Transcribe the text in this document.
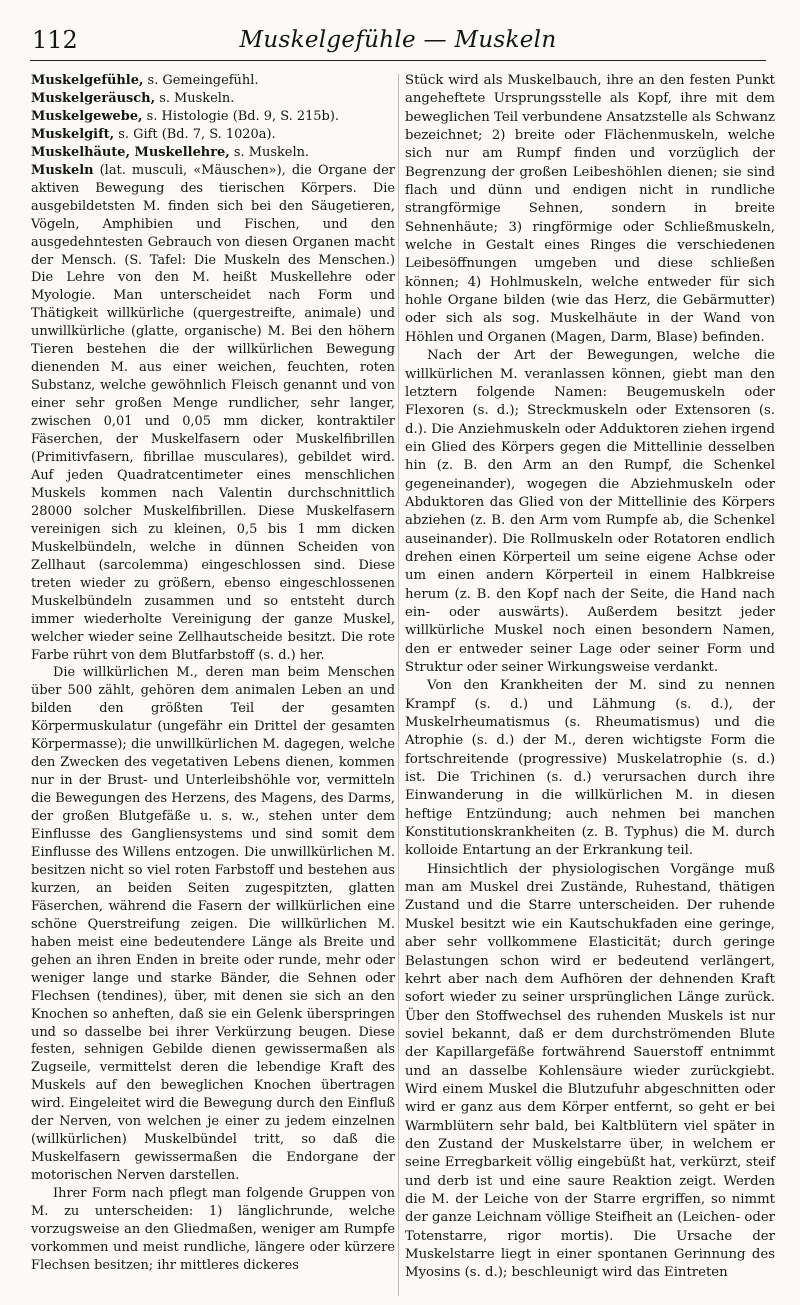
112	Muskelgefühle — Muskeln

Muskelgefühle, s. Gemeingefühl.

Muskelgeräusch, s. Muskeln.

Muskelgewebe, s. Histologie (Bd. 9, S. 215b).

Muskelgift, s. Gift (Bd. 7, S. 1020a).

Muskelhäute, Muskellehre, s. Muskeln.

Muskeln (lat. musculi, «Mäuschen»), die Organe der aktiven Bewegung des tierischen Körpers. Die ausgebildetsten M. finden sich bei den Säugetieren, Vögeln, Amphibien und Fischen, und den ausgedehntesten Gebrauch von diesen Organen macht der Mensch. (S. Tafel: Die Muskeln des Menschen.) Die Lehre von den M. heißt Muskellehre oder Myologie. Man unterscheidet nach Form und Thätigkeit willkürliche (quergestreifte, animale) und unwillkürliche (glatte, organische) M. Bei den höhern Tieren bestehen die der willkürlichen Bewegung dienenden M. aus einer weichen, feuchten, roten Substanz, welche gewöhnlich Fleisch genannt und von einer sehr großen Menge rundlicher, sehr langer, zwischen 0,01 und 0,05 mm dicker, kontraktiler Fäserchen, der Muskelfasern oder Muskelfibrillen (Primitivfasern, fibrillae musculares), gebildet wird. Auf jeden Quadratcentimeter eines menschlichen Muskels kommen nach Valentin durchschnittlich 28000 solcher Muskelfibrillen. Diese Muskelfasern vereinigen sich zu kleinen, 0,5 bis 1 mm dicken Muskelbündeln, welche in dünnen Scheiden von Zellhaut (sarcolemma) eingeschlossen sind. Diese treten wieder zu größern, ebenso eingeschlossenen Muskelbündeln zusammen und so entsteht durch immer wiederholte Vereinigung der ganze Muskel, welcher wieder seine Zellhautscheide besitzt. Die rote Farbe rührt von dem Blutfarbstoff (s. d.) her.

Die willkürlichen M., deren man beim Menschen über 500 zählt, gehören dem animalen Leben an und bilden den größten Teil der gesamten Körpermuskulatur (ungefähr ein Drittel der gesamten Körpermasse); die unwillkürlichen M. dagegen, welche den Zwecken des vegetativen Lebens dienen, kommen nur in der Brust- und Unterleibshöhle vor, vermitteln die Bewegungen des Herzens, des Magens, des Darms, der großen Blutgefäße u. s. w., stehen unter dem Einflusse des Gangliensystems und sind somit dem Einflusse des Willens entzogen. Die unwillkürlichen M. besitzen nicht so viel roten Farbstoff und bestehen aus kurzen, an beiden Seiten zugespitzten, glatten Fäserchen, während die Fasern der willkürlichen eine schöne Querstreifung zeigen. Die willkürlichen M. haben meist eine bedeutendere Länge als Breite und gehen an ihren Enden in breite oder runde, mehr oder weniger lange und starke Bänder, die Sehnen oder Flechsen (tendines), über, mit denen sie sich an den Knochen so anheften, daß sie ein Gelenk überspringen und so dasselbe bei ihrer Verkürzung beugen. Diese festen, sehnigen Gebilde dienen gewissermaßen als Zugseile, vermittelst deren die lebendige Kraft des Muskels auf den beweglichen Knochen übertragen wird. Eingeleitet wird die Bewegung durch den Einfluß der Nerven, von welchen je einer zu jedem einzelnen (willkürlichen) Muskelbündel tritt, so daß die Muskelfasern gewissermaßen die Endorgane der motorischen Nerven darstellen.

Ihrer Form nach pflegt man folgende Gruppen von M. zu unterscheiden: 1) länglichrunde, welche vorzugsweise an den Gliedmaßen, weniger am Rumpfe vorkommen und meist rundliche, längere oder kürzere Flechsen besitzen; ihr mittleres dickeres

Stück wird als Muskelbauch, ihre an den festen Punkt angeheftete Ursprungsstelle als Kopf, ihre mit dem beweglichen Teil verbundene Ansatzstelle als Schwanz bezeichnet; 2) breite oder Flächenmuskeln, welche sich nur am Rumpf finden und vorzüglich der Begrenzung der großen Leibeshöhlen dienen; sie sind flach und dünn und endigen nicht in rundliche strangförmige Sehnen, sondern in breite Sehnenhäute; 3) ringförmige oder Schließmuskeln, welche in Gestalt eines Ringes die verschiedenen Leibesöffnungen umgeben und diese schließen können; 4) Hohlmuskeln, welche entweder für sich hohle Organe bilden (wie das Herz, die Gebärmutter) oder sich als sog. Muskelhäute in der Wand von Höhlen und Organen (Magen, Darm, Blase) befinden.

Nach der Art der Bewegungen, welche die willkürlichen M. veranlassen können, giebt man den letztern folgende Namen: Beugemuskeln oder Flexoren (s. d.); Streckmuskeln oder Extensoren (s. d.). Die Anziehmuskeln oder Adduktoren ziehen irgend ein Glied des Körpers gegen die Mittellinie desselben hin (z. B. den Arm an den Rumpf, die Schenkel gegeneinander), wogegen die Abziehmuskeln oder Abduktoren das Glied von der Mittellinie des Körpers abziehen (z. B. den Arm vom Rumpfe ab, die Schenkel auseinander). Die Rollmuskeln oder Rotatoren endlich drehen einen Körperteil um seine eigene Achse oder um einen andern Körperteil in einem Halbkreise herum (z. B. den Kopf nach der Seite, die Hand nach ein- oder auswärts). Außerdem besitzt jeder willkürliche Muskel noch einen besondern Namen, den er entweder seiner Lage oder seiner Form und Struktur oder seiner Wirkungsweise verdankt.

Von den Krankheiten der M. sind zu nennen Krampf (s. d.) und Lähmung (s. d.), der Muskelrheumatismus (s. Rheumatismus) und die Atrophie (s. d.) der M., deren wichtigste Form die fortschreitende (progressive) Muskelatrophie (s. d.) ist. Die Trichinen (s. d.) verursachen durch ihre Einwanderung in die willkürlichen M. in diesen heftige Entzündung; auch nehmen bei manchen Konstitutionskrankheiten (z. B. Typhus) die M. durch kolloide Entartung an der Erkrankung teil.

Hinsichtlich der physiologischen Vorgänge muß man am Muskel drei Zustände, Ruhestand, thätigen Zustand und die Starre unterscheiden. Der ruhende Muskel besitzt wie ein Kautschukfaden eine geringe, aber sehr vollkommene Elasticität; durch geringe Belastungen schon wird er bedeutend verlängert, kehrt aber nach dem Aufhören der dehnenden Kraft sofort wieder zu seiner ursprünglichen Länge zurück. Über den Stoffwechsel des ruhenden Muskels ist nur soviel bekannt, daß er dem durchströmenden Blute der Kapillargefäße fortwährend Sauerstoff entnimmt und an dasselbe Kohlensäure wieder zurückgiebt. Wird einem Muskel die Blutzufuhr abgeschnitten oder wird er ganz aus dem Körper entfernt, so geht er bei Warmblütern sehr bald, bei Kaltblütern viel später in den Zustand der Muskelstarre über, in welchem er seine Erregbarkeit völlig eingebüßt hat, verkürzt, steif und derb ist und eine saure Reaktion zeigt. Werden die M. der Leiche von der Starre ergriffen, so nimmt der ganze Leichnam völlige Steifheit an (Leichen- oder Totenstarre, rigor mortis). Die Ursache der Muskelstarre liegt in einer spontanen Gerinnung des Myosins (s. d.); beschleunigt wird das Eintreten
